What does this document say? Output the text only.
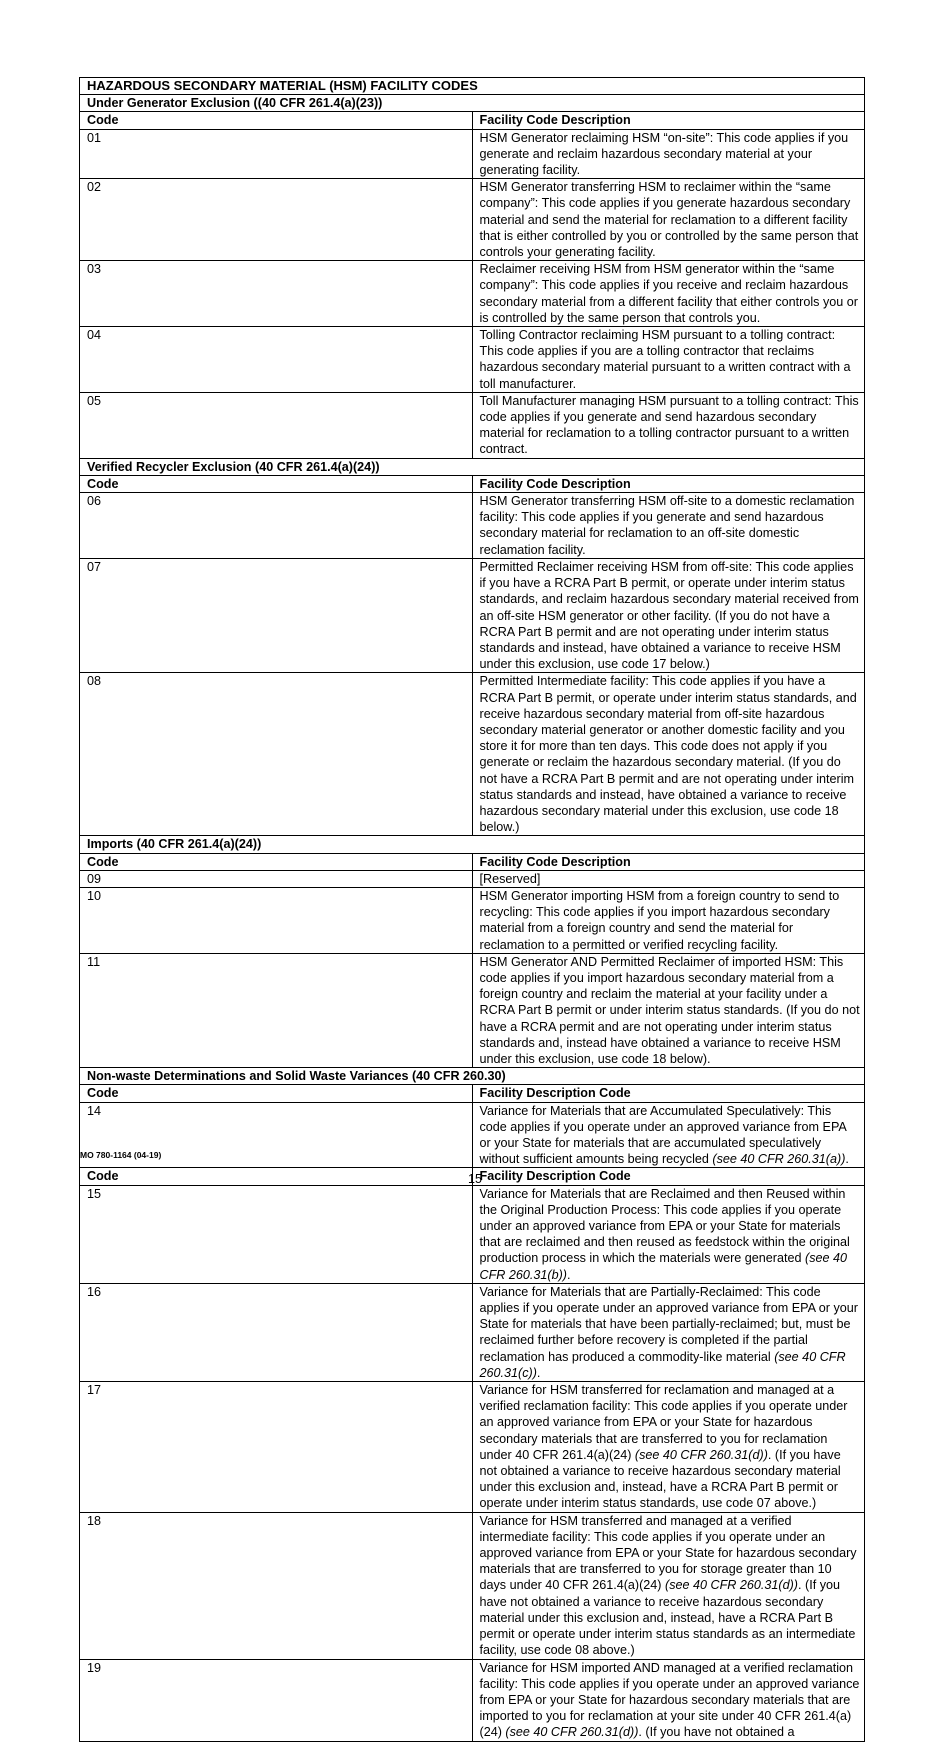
HAZARDOUS SECONDARY MATERIAL (HSM) FACILITY CODES	
Under Generator Exclusion ((40 CFR 261.4(a)(23))	
Code	Facility Code Description
01	HSM Generator reclaiming HSM “on-site”: This code applies if you generate and reclaim hazardous secondary material at your generating facility.
02	HSM Generator transferring HSM to reclaimer within the “same company”: This code applies if you generate hazardous secondary material and send the material for reclamation to a different facility that is either controlled by you or controlled by the same person that controls your generating facility.
03	Reclaimer receiving HSM from HSM generator within the “same company”: This code applies if you receive and reclaim hazardous secondary material from a different facility that either controls you or is controlled by the same person that controls you.
04	Tolling Contractor reclaiming HSM pursuant to a tolling contract: This code applies if you are a tolling contractor that reclaims hazardous secondary material pursuant to a written contract with a toll manufacturer.
05	Toll Manufacturer managing HSM pursuant to a tolling contract: This code applies if you generate and send hazardous secondary material for reclamation to a tolling contractor pursuant to a written contract.
Verified Recycler Exclusion (40 CFR 261.4(a)(24))	
Code	Facility Code Description
06	HSM Generator transferring HSM off-site to a domestic reclamation facility: This code applies if you generate and send hazardous secondary material for reclamation to an off-site domestic reclamation facility.
07	Permitted Reclaimer receiving HSM from off-site: This code applies if you have a RCRA Part B permit, or operate under interim status standards, and reclaim hazardous secondary material received from an off-site HSM generator or other facility. (If you do not have a RCRA Part B permit and are not operating under interim status standards and instead, have obtained a variance to receive HSM under this exclusion, use code 17 below.)
08	Permitted Intermediate facility: This code applies if you have a RCRA Part B permit, or operate under interim status standards, and receive hazardous secondary material from off-site hazardous secondary material generator or another domestic facility and you store it for more than ten days. This code does not apply if you generate or reclaim the hazardous secondary material. (If you do not have a RCRA Part B permit and are not operating under interim status standards and instead, have obtained a variance to receive hazardous secondary material under this exclusion, use code 18 below.)
Imports (40 CFR 261.4(a)(24))	
Code	Facility Code Description
09	[Reserved]
10	HSM Generator importing HSM from a foreign country to send to recycling: This code applies if you import hazardous secondary material from a foreign country and send the material for reclamation to a permitted or verified recycling facility.
11	HSM Generator AND Permitted Reclaimer of imported HSM: This code applies if you import hazardous secondary material from a foreign country and reclaim the material at your facility under a RCRA Part B permit or under interim status standards. (If you do not have a RCRA permit and are not operating under interim status standards and, instead have obtained a variance to receive HSM under this exclusion, use code 18 below).
Non-waste Determinations and Solid Waste Variances (40 CFR 260.30)	
Code	Facility Description Code
14	Variance for Materials that are Accumulated Speculatively: This code applies if you operate under an approved variance from EPA or your State for materials that are accumulated speculatively without sufficient amounts being recycled (see 40 CFR 260.31(a)).
Code	Facility Description Code
15	Variance for Materials that are Reclaimed and then Reused within the Original Production Process: This code applies if you operate under an approved variance from EPA or your State for materials that are reclaimed and then reused as feedstock within the original production process in which the materials were generated (see 40 CFR 260.31(b)).
16	Variance for Materials that are Partially-Reclaimed: This code applies if you operate under an approved variance from EPA or your State for materials that have been partially-reclaimed; but, must be reclaimed further before recovery is completed if the partial reclamation has produced a commodity-like material (see 40 CFR 260.31(c)).
17	Variance for HSM transferred for reclamation and managed at a verified reclamation facility: This code applies if you operate under an approved variance from EPA or your State for hazardous secondary materials that are transferred to you for reclamation under 40 CFR 261.4(a)(24) (see 40 CFR 260.31(d)). (If you have not obtained a variance to receive hazardous secondary material under this exclusion and, instead, have a RCRA Part B permit or operate under interim status standards, use code 07 above.)
18	Variance for HSM transferred and managed at a verified intermediate facility: This code applies if you operate under an approved variance from EPA or your State for hazardous secondary materials that are transferred to you for storage greater than 10 days under 40 CFR 261.4(a)(24) (see 40 CFR 260.31(d)). (If you have not obtained a variance to receive hazardous secondary material under this exclusion and, instead, have a RCRA Part B permit or operate under interim status standards as an intermediate facility, use code 08 above.)
19	Variance for HSM imported AND managed at a verified reclamation facility: This code applies if you operate under an approved variance from EPA or your State for hazardous secondary materials that are imported to you for reclamation at your site under 40 CFR 261.4(a)(24) (see 40 CFR 260.31(d)). (If you have not obtained a
MO 780-1164 (04-19)
15
